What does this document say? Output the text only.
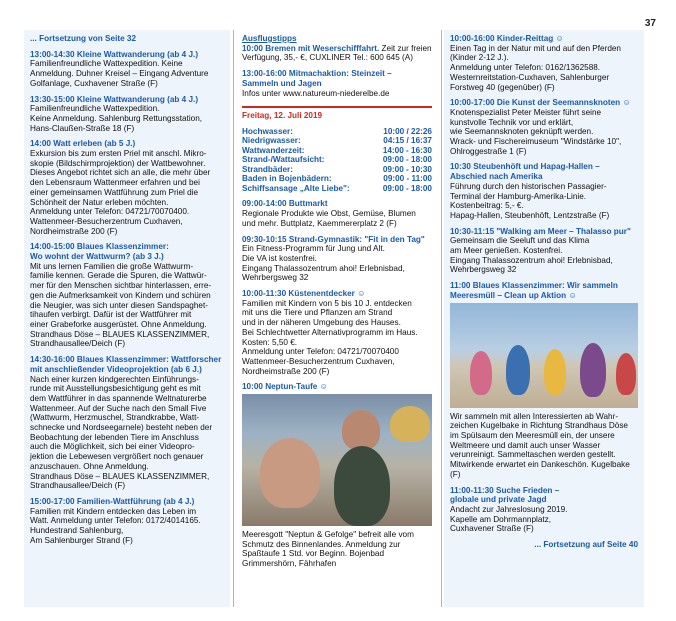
37
... Fortsetzung von Seite 32
13:00-14:30 Kleine Wattwanderung (ab 4 J.)
Familienfreundliche Wattexpedition. Keine
Anmeldung. Duhner Kreisel – Eingang Adventure
Golfanlage, Cuxhavener Straße (F)
13:30-15:00 Kleine Wattwanderung (ab 4 J.)
Familienfreundliche Wattexpedition.
Keine Anmeldung. Sahlenburg Rettungsstation,
Hans-Claußen-Straße 18 (F)
14:00 Watt erleben (ab 5 J.)
Exkursion bis zum ersten Priel mit anschl. Mikro-
skopie (Bildschirmprojektion) der Wattbewohner.
Dieses Angebot richtet sich an alle, die mehr über
den Lebensraum Wattenmeer erfahren und bei
einer gemeinsamen Wattführung zum Priel die
Schönheit der Natur erleben möchten.
Anmeldung unter Telefon: 04721/70070400.
Wattenmeer-Besucherzentrum Cuxhaven,
Nordheimstraße 200 (F)
14:00-15:00 Blaues Klassenzimmer:
Wo wohnt der Wattwurm? (ab 3 J.)
Mit uns lernen Familien die große Wattwurm-
familie kennen. Gerade die Spuren, die Wattwür-
mer für den Menschen sichtbar hinterlassen, erre-
gen die Aufmerksamkeit von Kindern und schüren
die Neugier, was sich unter diesen Sandspaghet-
tihaufen verbirgt. Dafür ist der Wattführer mit
einer Grabeforke ausgerüstet. Ohne Anmeldung.
Strandhaus Döse – BLAUES KLASSENZIMMER,
Strandhausallee/Deich (F)
14:30-16:00 Blaues Klassenzimmer: Wattforscher
mit anschließender Videoprojektion (ab 6 J.)
Nach einer kurzen kindgerechten Einführungs-
runde mit Ausstellungsbesichtigung geht es mit
dem Wattführer in das spannende Weltnaturerbe
Wattenmeer. Auf der Suche nach den Small Five
(Wattwurm, Herzmuschel, Strandkrabbe, Watt-
schnecke und Nordseegarnele) besteht neben der
Beobachtung der lebenden Tiere im Anschluss
auch die Möglichkeit, sich bei einer Videopro-
jektion die Lebewesen vergrößert noch genauer
anzuschauen. Ohne Anmeldung.
Strandhaus Döse – BLAUES KLASSENZIMMER,
Strandhausallee/Deich (F)
15:00-17:00 Familien-Wattführung (ab 4 J.)
Familien mit Kindern entdecken das Leben im
Watt. Anmeldung unter Telefon: 0172/4014165.
Hundestrand Sahlenburg,
Am Sahlenburger Strand (F)
Ausflugstipps
10:00 Bremen mit Weserschifffahrt. Zeit zur freien
Verfügung, 35,- €, CUXLINER Tel.: 600 645 (A)
13:00-16:00 Mitmachaktion: Steinzeit –
Sammeln und Jagen
Infos unter www.natureum-niederelbe.de
Freitag, 12. Juli 2019
Hochwasser:	10:00 / 22:26
Niedrigwasser:	04:15 / 16:37
Wattwanderzeit:	14:00 - 16:30
Strand-/Wattaufsicht:	09:00 - 18:00
Strandbäder:	09:00 - 10:30
Baden in Bojenbädern:	09:00 - 11:00
Schiffsansage „Alte Liebe":	09:00 - 18:00
09:00-14:00 Buttmarkt
Regionale Produkte wie Obst, Gemüse, Blumen
und mehr. Buttplatz, Kaemmererplatz 2 (F)
09:30-10:15 Strand-Gymnastik: "Fit in den Tag"
Ein Fitness-Programm für Jung und Alt.
Die VA ist kostenfrei.
Eingang Thalassozentrum ahoi! Erlebnisbad,
Wehrbergsweg 32
10:00-11:30 Küstenentdecker ☺
Familien mit Kindern von 5 bis 10 J. entdecken
mit uns die Tiere und Pflanzen am Strand
und in der näheren Umgebung des Hauses.
Bei Schlechtwetter Alternativprogramm im Haus.
Kosten: 5,50 €.
Anmeldung unter Telefon: 04721/70070400
Wattenmeer-Besucherzentrum Cuxhaven,
Nordheimstraße 200 (F)
10:00 Neptun-Taufe ☺
Meeresgott "Neptun & Gefolge" befreit alle vom Schmutz des Binnenlandes. Anmeldung zur Spaßtaufe 1 Std. vor Beginn. Bojenbad Grimmershörn, Fährhafen
10:00-16:00 Kinder-Reittag ☺
Einen Tag in der Natur mit und auf den Pferden
(Kinder 2-12 J.).
Anmeldung unter Telefon: 0162/1362588.
Westernreitstation-Cuxhaven, Sahlenburger
Forstweg 40 (gegenüber) (F)
10:00-17:00 Die Kunst der Seemannsknoten ☺
Knotenspezialist Peter Meister führt seine
kunstvolle Technik vor und erklärt,
wie Seemannsknoten geknüpft werden.
Wrack- und Fischereimuseum "Windstärke 10",
Ohlroggestraße 1 (F)
10:30 Steubenhöft und Hapag-Hallen –
Abschied nach Amerika
Führung durch den historischen Passagier-
Terminal der Hamburg-Amerika-Linie.
Kostenbeitrag: 5,- €.
Hapag-Hallen, Steubenhöft, Lentzstraße (F)
10:30-11:15 "Walking am Meer – Thalasso pur"
Gemeinsam die Seeluft und das Klima
am Meer genießen. Kostenfrei.
Eingang Thalassozentrum ahoi! Erlebnisbad,
Wehrbergsweg 32
11:00 Blaues Klassenzimmer: Wir sammeln Meeresmüll – Clean up Aktion ☺
Wir sammeln mit allen Interessierten ab Wahr- zeichen Kugelbake in Richtung Strandhaus Döse im Spülsaum den Meeresmüll ein, der unsere Weltmeere und damit auch unser Wasser verunreinigt. Sammeltaschen werden gestellt. Mitwirkende erwartet ein Dankeschön. Kugelbake (F)
11:00-11:30 Suche Frieden –
globale und private Jagd
Andacht zur Jahreslosung 2019.
Kapelle am Dohrmannplatz,
Cuxhavener Straße (F)
... Fortsetzung auf Seite 40
